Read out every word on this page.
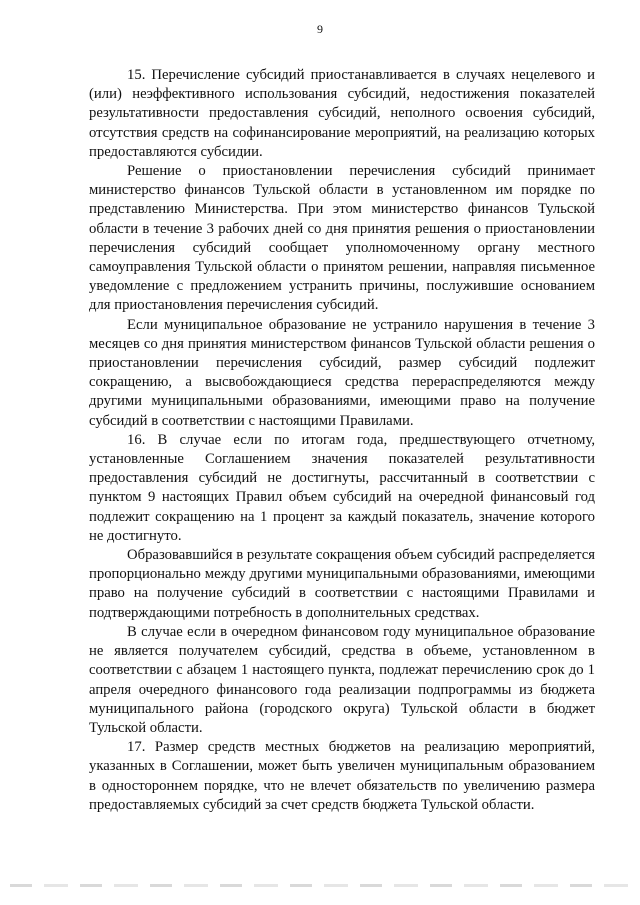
9

15. Перечисление субсидий приостанавливается в случаях нецелевого и (или) неэффективного использования субсидий, недостижения показателей результативности предоставления субсидий, неполного освоения субсидий, отсутствия средств на софинансирование мероприятий, на реализацию которых предоставляются субсидии.

Решение о приостановлении перечисления субсидий принимает министерство финансов Тульской области в установленном им порядке по представлению Министерства. При этом министерство финансов Тульской области в течение 3 рабочих дней со дня принятия решения о приостановлении перечисления субсидий сообщает уполномоченному органу местного самоуправления Тульской области о принятом решении, направляя письменное уведомление с предложением устранить причины, послужившие основанием для приостановления перечисления субсидий.

Если муниципальное образование не устранило нарушения в течение 3 месяцев со дня принятия министерством финансов Тульской области решения о приостановлении перечисления субсидий, размер субсидий подлежит сокращению, а высвобождающиеся средства перераспределяются между другими муниципальными образованиями, имеющими право на получение субсидий в соответствии с настоящими Правилами.

16. В случае если по итогам года, предшествующего отчетному, установленные Соглашением значения показателей результативности предоставления субсидий не достигнуты, рассчитанный в соответствии с пунктом 9 настоящих Правил объем субсидий на очередной финансовый год подлежит сокращению на 1 процент за каждый показатель, значение которого не достигнуто.

Образовавшийся в результате сокращения объем субсидий распределяется пропорционально между другими муниципальными образованиями, имеющими право на получение субсидий в соответствии с настоящими Правилами и подтверждающими потребность в дополнительных средствах.

В случае если в очередном финансовом году муниципальное образование не является получателем субсидий, средства в объеме, установленном в соответствии с абзацем 1 настоящего пункта, подлежат перечислению срок до 1 апреля очередного финансового года реализации подпрограммы из бюджета муниципального района (городского округа) Тульской области в бюджет Тульской области.

17. Размер средств местных бюджетов на реализацию мероприятий, указанных в Соглашении, может быть увеличен муниципальным образованием в одностороннем порядке, что не влечет обязательств по увеличению размера предоставляемых субсидий за счет средств бюджета Тульской области.
